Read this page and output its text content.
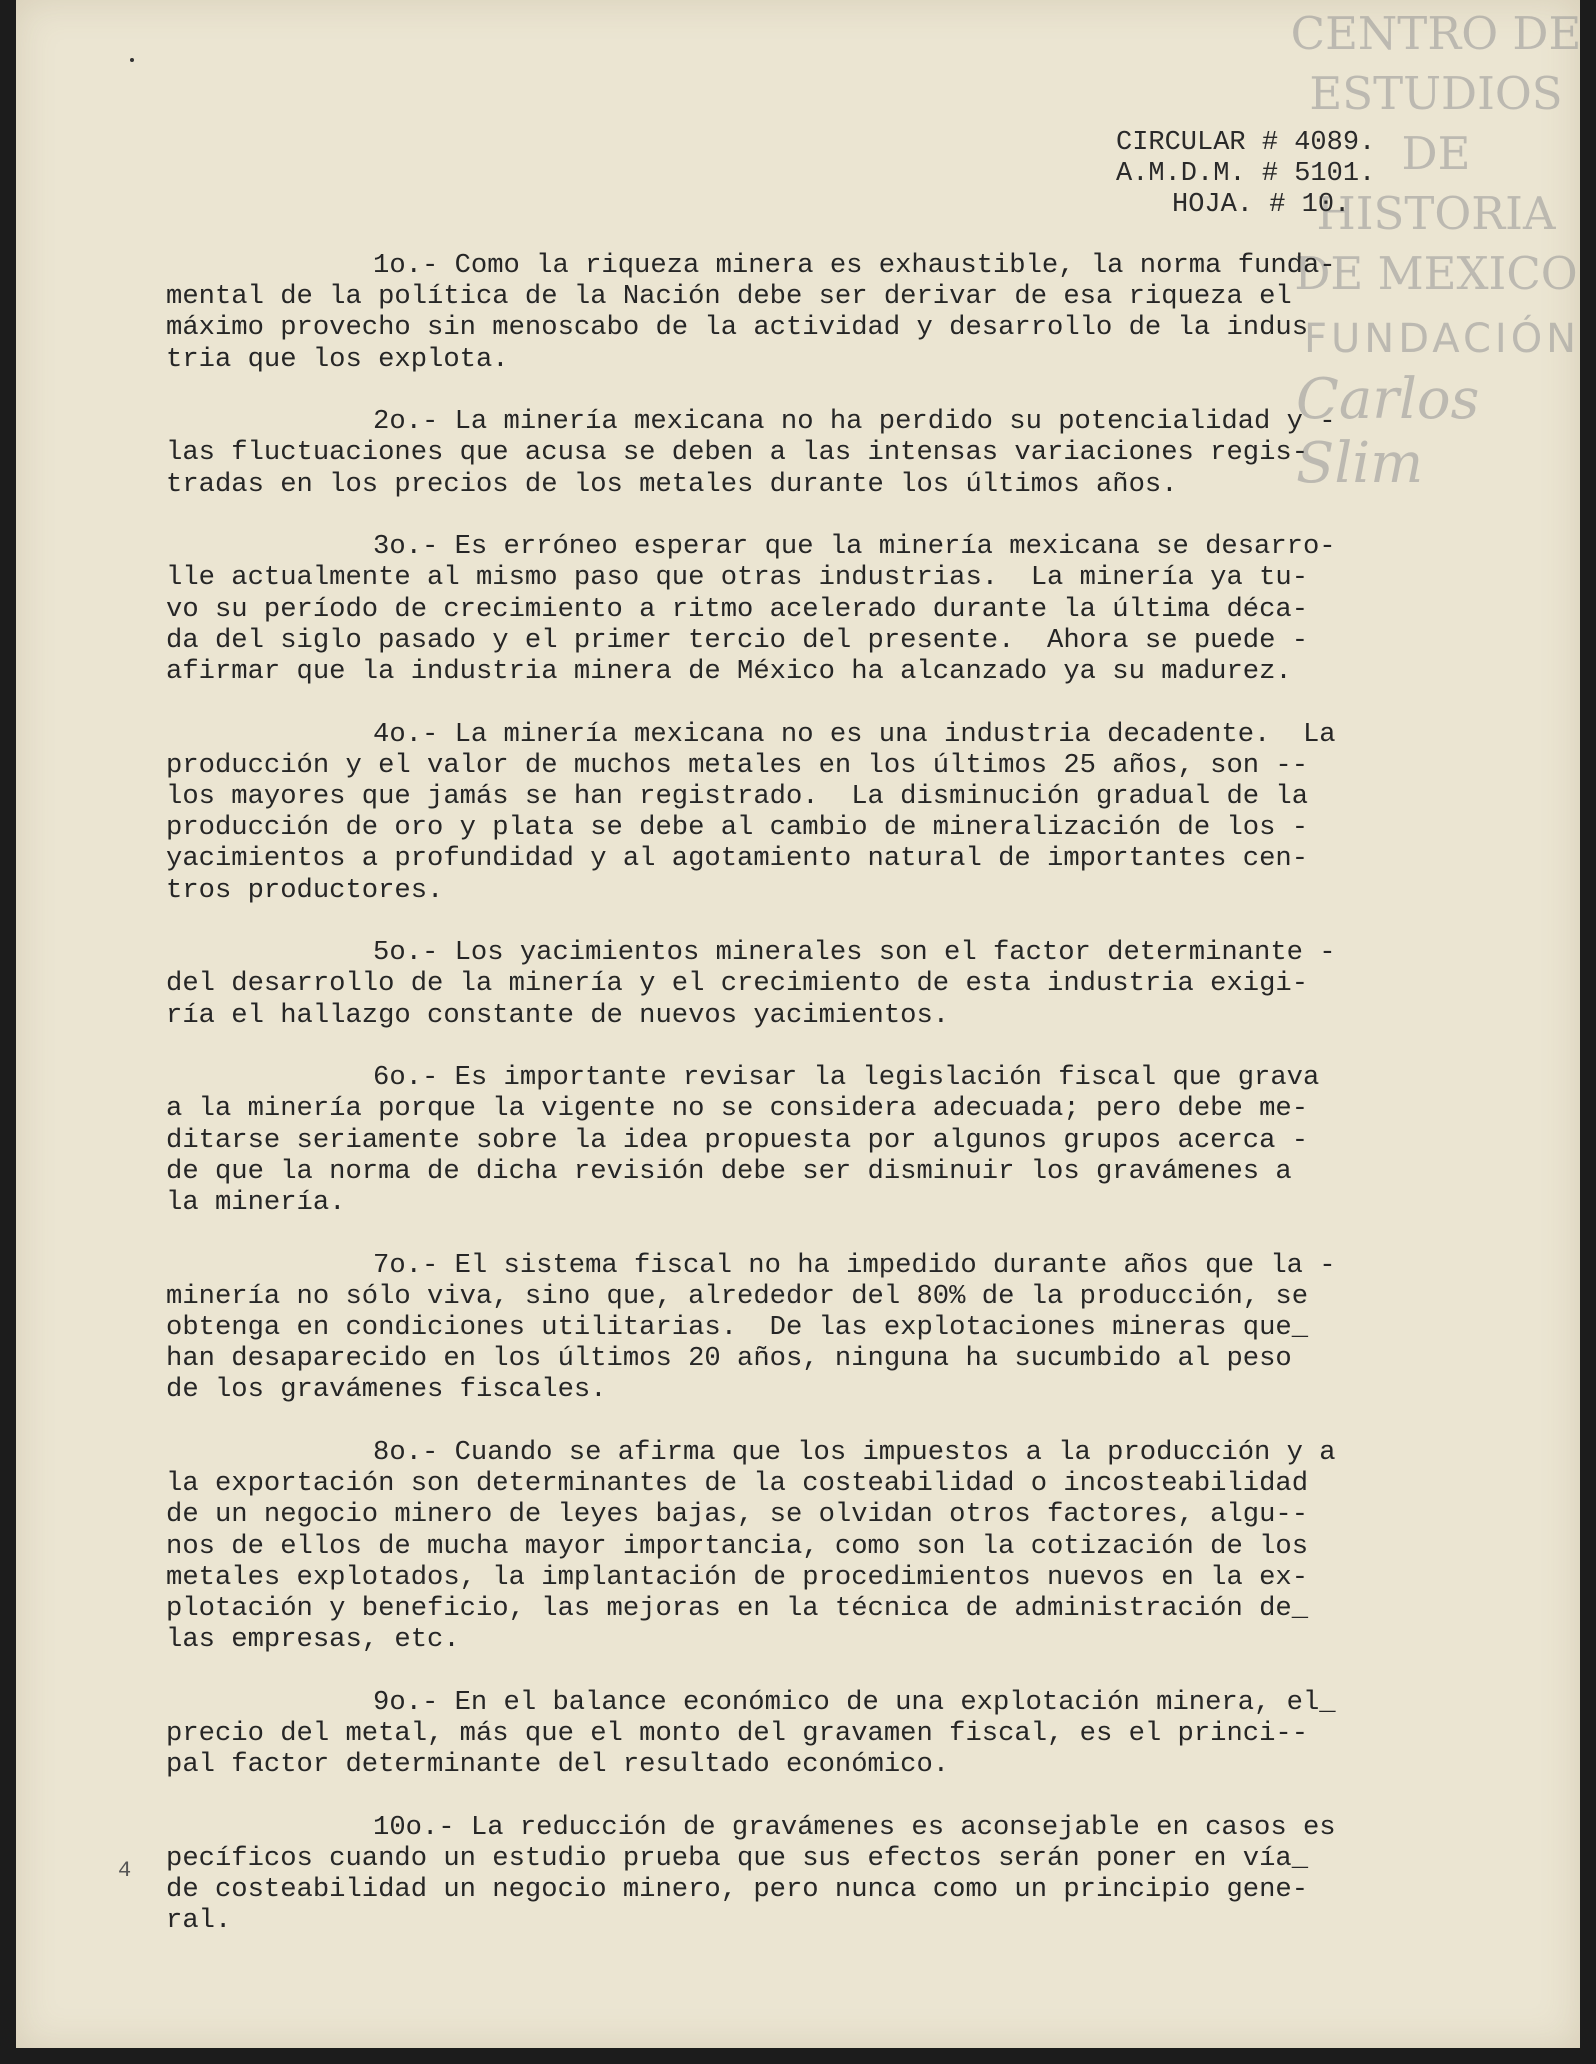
CENTRO DE
ESTUDIOS
DE HISTORIA
DE MEXICO
FUNDACIÓN
Carlos Slim
CIRCULAR # 4089.
A.M.D.M. # 5101.
HOJA. # 10.
1o.- Como la riqueza minera es exhaustible, la norma funda-
mental de la política de la Nación debe ser derivar de esa riqueza el
máximo provecho sin menoscabo de la actividad y desarrollo de la indus
tria que los explota.
2o.- La minería mexicana no ha perdido su potencialidad y -
las fluctuaciones que acusa se deben a las intensas variaciones regis-
tradas en los precios de los metales durante los últimos años.
3o.- Es erróneo esperar que la minería mexicana se desarro-
lle actualmente al mismo paso que otras industrias.  La minería ya tu-
vo su período de crecimiento a ritmo acelerado durante la última déca-
da del siglo pasado y el primer tercio del presente.  Ahora se puede -
afirmar que la industria minera de México ha alcanzado ya su madurez.
4o.- La minería mexicana no es una industria decadente.  La
producción y el valor de muchos metales en los últimos 25 años, son --
los mayores que jamás se han registrado.  La disminución gradual de la
producción de oro y plata se debe al cambio de mineralización de los -
yacimientos a profundidad y al agotamiento natural de importantes cen-
tros productores.
5o.- Los yacimientos minerales son el factor determinante -
del desarrollo de la minería y el crecimiento de esta industria exigi-
ría el hallazgo constante de nuevos yacimientos.
6o.- Es importante revisar la legislación fiscal que grava
a la minería porque la vigente no se considera adecuada; pero debe me-
ditarse seriamente sobre la idea propuesta por algunos grupos acerca -
de que la norma de dicha revisión debe ser disminuir los gravámenes a
la minería.
7o.- El sistema fiscal no ha impedido durante años que la -
minería no sólo viva, sino que, alrededor del 80% de la producción, se
obtenga en condiciones utilitarias.  De las explotaciones mineras que_
han desaparecido en los últimos 20 años, ninguna ha sucumbido al peso
de los gravámenes fiscales.
8o.- Cuando se afirma que los impuestos a la producción y a
la exportación son determinantes de la costeabilidad o incosteabilidad
de un negocio minero de leyes bajas, se olvidan otros factores, algu--
nos de ellos de mucha mayor importancia, como son la cotización de los
metales explotados, la implantación de procedimientos nuevos en la ex-
plotación y beneficio, las mejoras en la técnica de administración de_
las empresas, etc.
9o.- En el balance económico de una explotación minera, el_
precio del metal, más que el monto del gravamen fiscal, es el princi--
pal factor determinante del resultado económico.
10o.- La reducción de gravámenes es aconsejable en casos es
pecíficos cuando un estudio prueba que sus efectos serán poner en vía_
de costeabilidad un negocio minero, pero nunca como un principio gene-
ral.
4
